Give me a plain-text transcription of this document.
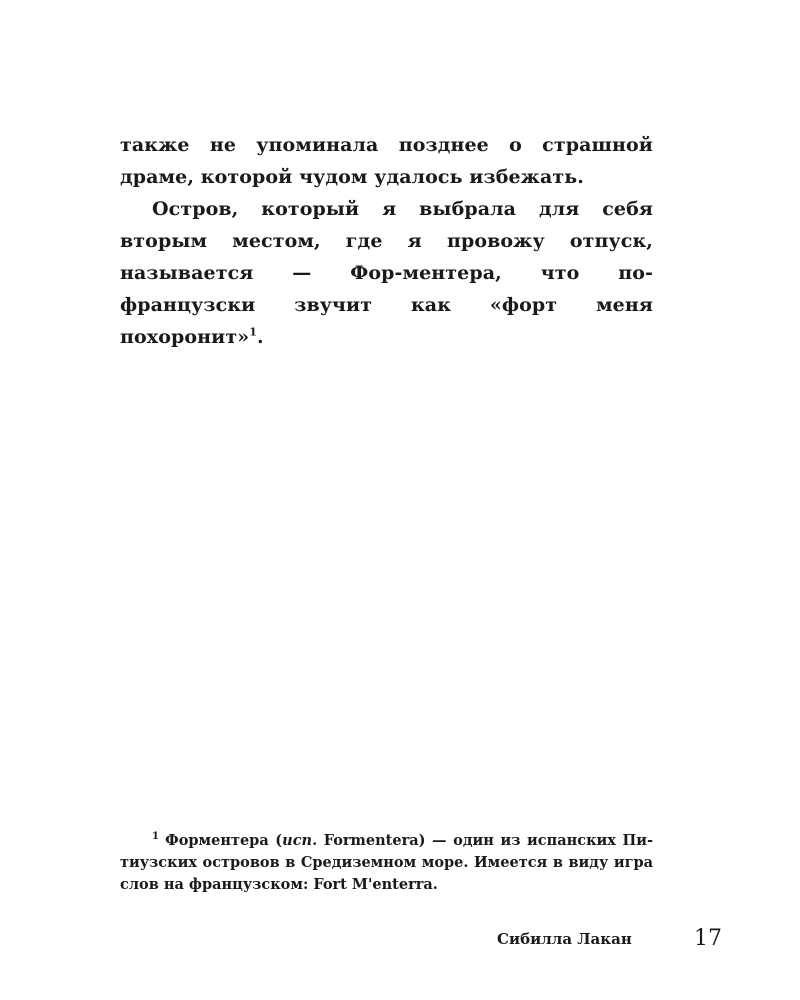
также не упоминала позднее о страшной драме, которой чудом удалось избежать.

Остров, который я выбрала для себя вторым местом, где я провожу отпуск, называется — Фор-ментера, что по-французски звучит как «форт меня похоронит»$^1$.

$^1$ Форментера (исп. Formentera) — один из испанских Пи-тиузских островов в Средиземном море. Имеется в виду игра слов на французском: Fort M'enterra.

Сибилла Лакан	17
